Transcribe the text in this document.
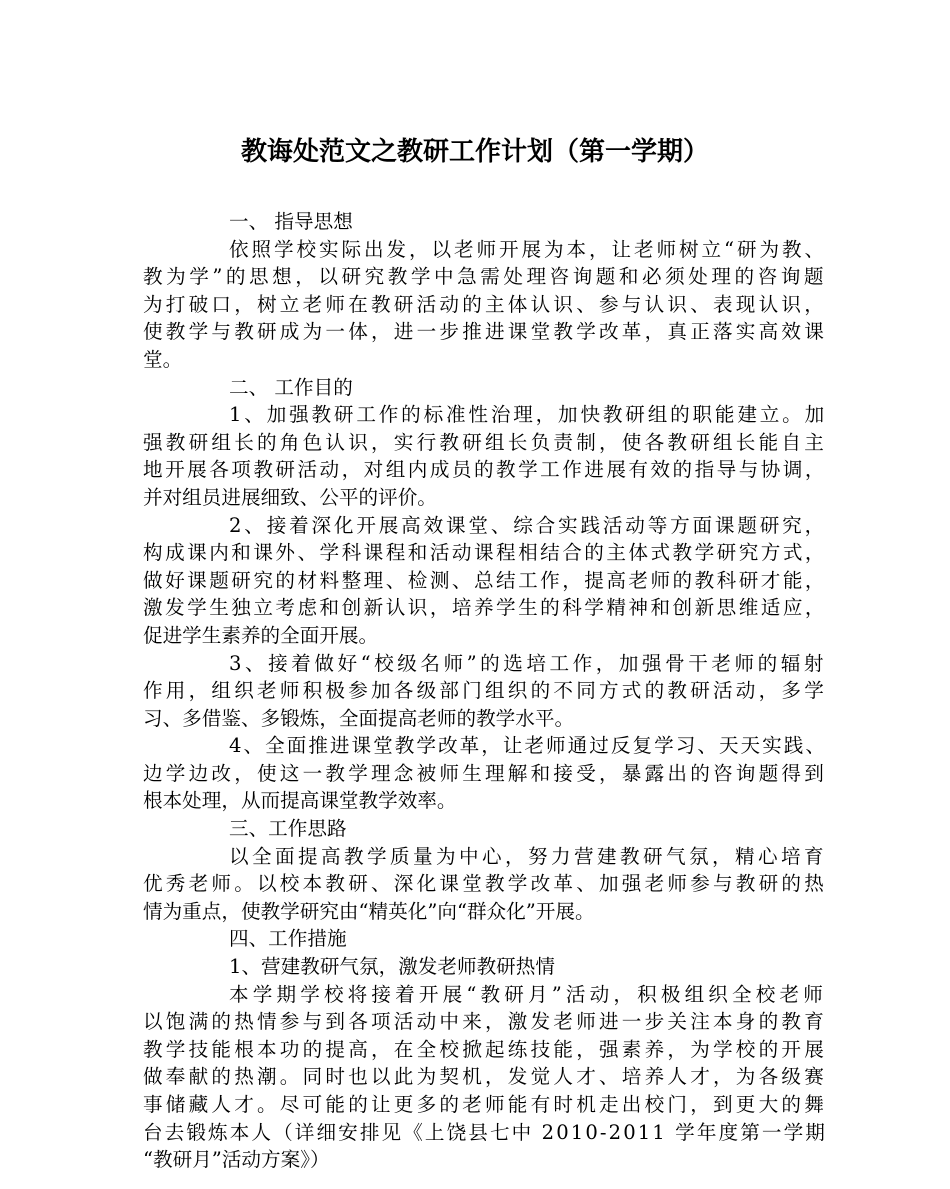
教诲处范文之教研工作计划（第一学期）
一、 指导思想
依照学校实际出发，以老师开展为本，让老师树立“研为教、
教为学”的思想，以研究教学中急需处理咨询题和必须处理的咨询题
为打破口，树立老师在教研活动的主体认识、参与认识、表现认识，
使教学与教研成为一体，进一步推进课堂教学改革，真正落实高效课
堂。
二、 工作目的
1、加强教研工作的标准性治理，加快教研组的职能建立。加
强教研组长的角色认识，实行教研组长负责制，使各教研组长能自主
地开展各项教研活动，对组内成员的教学工作进展有效的指导与协调，
并对组员进展细致、公平的评价。
2、接着深化开展高效课堂、综合实践活动等方面课题研究，
构成课内和课外、学科课程和活动课程相结合的主体式教学研究方式，
做好课题研究的材料整理、检测、总结工作，提高老师的教科研才能，
激发学生独立考虑和创新认识，培养学生的科学精神和创新思维适应，
促进学生素养的全面开展。
3、接着做好“校级名师”的选培工作，加强骨干老师的辐射
作用，组织老师积极参加各级部门组织的不同方式的教研活动，多学
习、多借鉴、多锻炼，全面提高老师的教学水平。
4、全面推进课堂教学改革，让老师通过反复学习、天天实践、
边学边改，使这一教学理念被师生理解和接受，暴露出的咨询题得到
根本处理，从而提高课堂教学效率。
三、工作思路
以全面提高教学质量为中心，努力营建教研气氛，精心培育
优秀老师。以校本教研、深化课堂教学改革、加强老师参与教研的热
情为重点，使教学研究由“精英化”向“群众化”开展。
四、工作措施
1、营建教研气氛，激发老师教研热情
本学期学校将接着开展“教研月”活动，积极组织全校老师
以饱满的热情参与到各项活动中来，激发老师进一步关注本身的教育
教学技能根本功的提高，在全校掀起练技能，强素养，为学校的开展
做奉献的热潮。同时也以此为契机，发觉人才、培养人才，为各级赛
事储藏人才。尽可能的让更多的老师能有时机走出校门，到更大的舞
台去锻炼本人（详细安排见《上饶县七中 2010-2011 学年度第一学期
“教研月”活动方案》）
